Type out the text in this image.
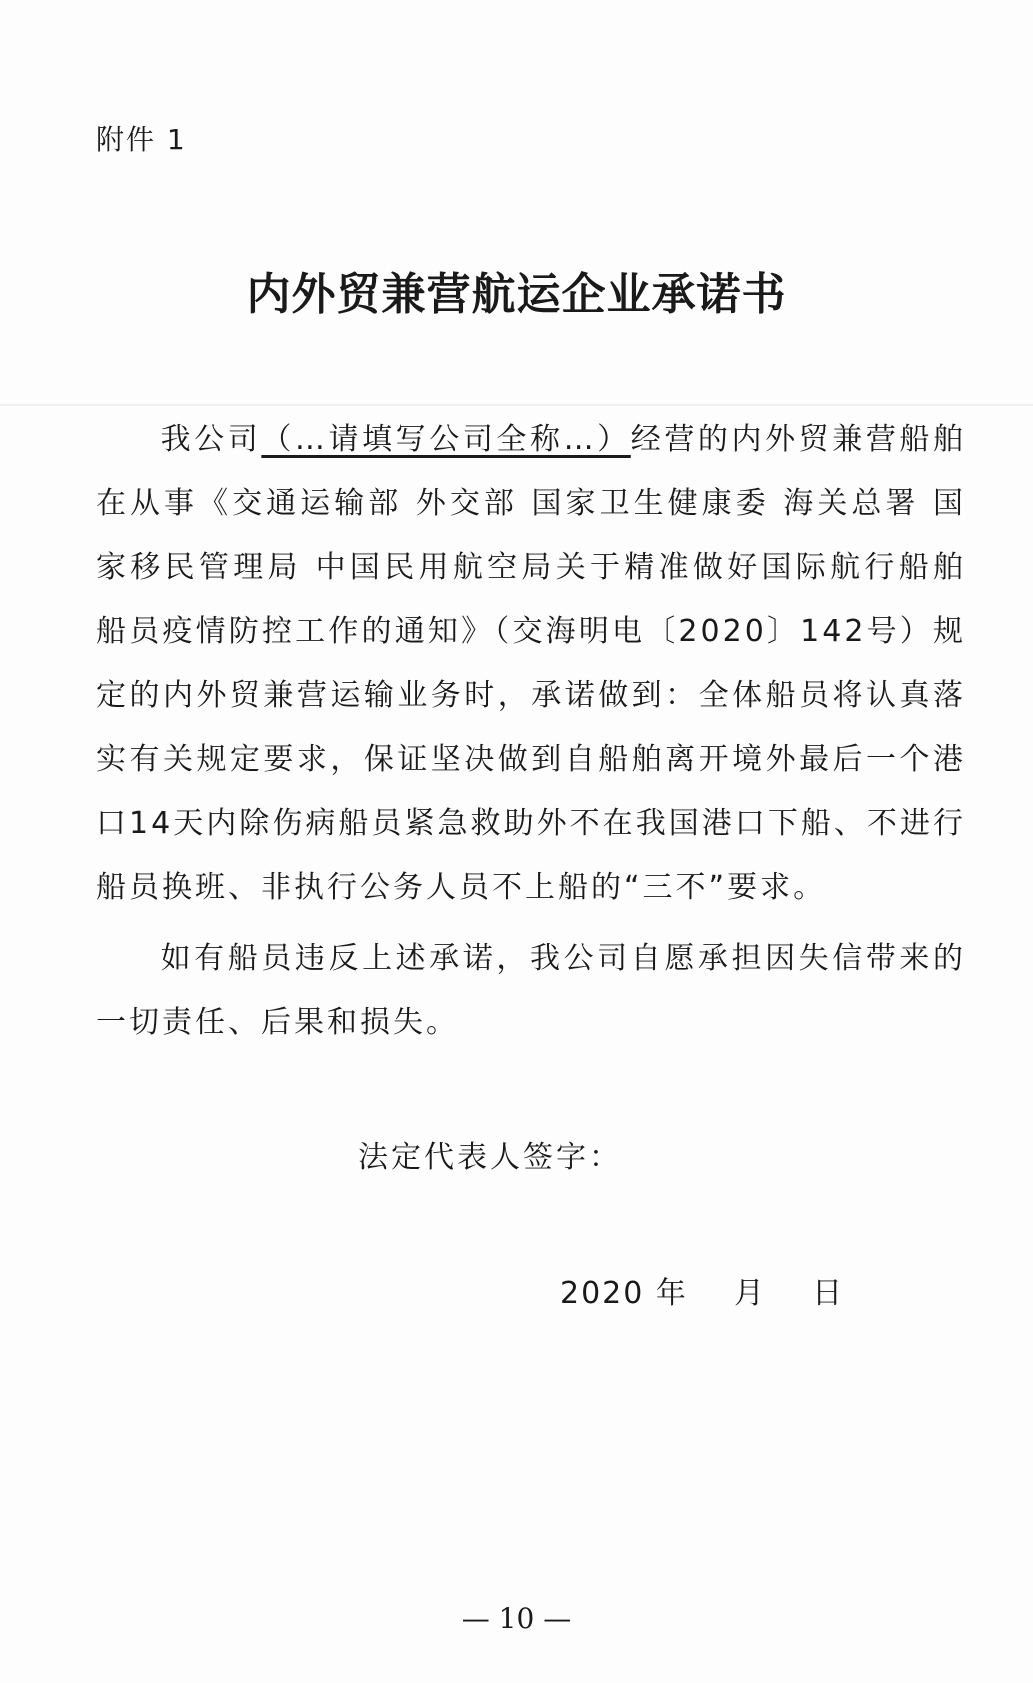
附件 1
内外贸兼营航运企业承诺书
我公司（…请填写公司全称…）经营的内外贸兼营船舶在从事《交通运输部 外交部 国家卫生健康委 海关总署 国家移民管理局 中国民用航空局关于精准做好国际航行船舶船员疫情防控工作的通知》（交海明电〔2020〕142号）规定的内外贸兼营运输业务时，承诺做到：全体船员将认真落实有关规定要求，保证坚决做到自船舶离开境外最后一个港口14天内除伤病船员紧急救助外不在我国港口下船、不进行船员换班、非执行公务人员不上船的“三不”要求。
如有船员违反上述承诺，我公司自愿承担因失信带来的一切责任、后果和损失。
法定代表人签字：
2020 年    月    日
— 10 —
